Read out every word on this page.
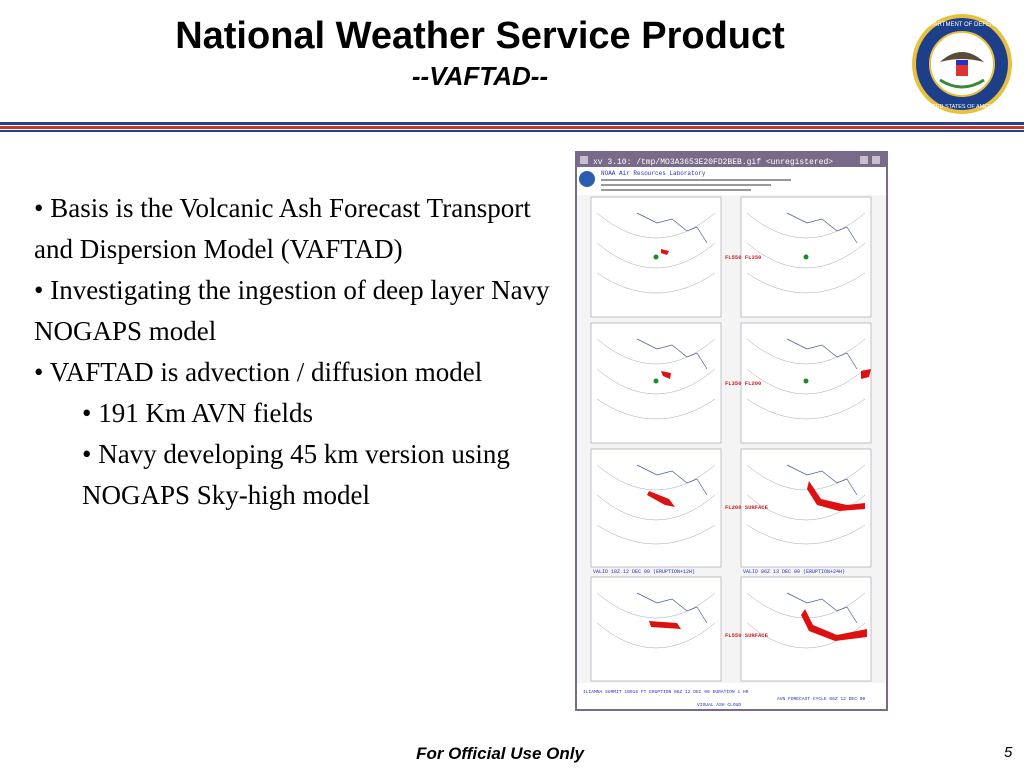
National Weather Service Product
--VAFTAD--
DEPARTMENT OF DEFENSE
UNITED STATES OF AMERICA

• Basis is the Volcanic Ash Forecast Transport and Dispersion Model (VAFTAD)

• Investigating the ingestion of deep layer Navy NOGAPS model

• VAFTAD is advection / diffusion model

• 191 Km AVN fields

• Navy developing 45 km version using NOGAPS Sky-high model

xv 3.10: /tmp/MO3A3653E20FD2BEB.gif <unregistered>
NOAA Air Resources Laboratory
FL550 FL350
FL350 FL200
FL200 SURFACE
FL550 SURFACE
VALID 18Z 12 DEC 00 (ERUPTION+12H)	VALID 06Z 13 DEC 00 (ERUPTION+24H)
ILIAMNA SUMMIT 10016 FT ERUPTION 06Z 12 DEC 00 DURATION 1 HR
AVN FORECAST CYCLE 06Z 12 DEC 00
VISUAL ASH CLOUD
For Official Use Only	5
